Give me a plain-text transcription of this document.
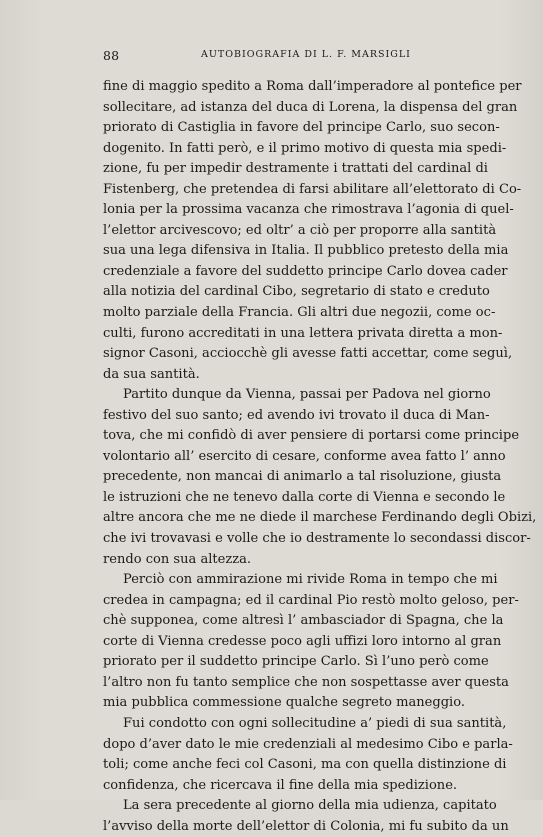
88	AUTOBIOGRAFIA DI L. F. MARSIGLI
fine di maggio spedito a Roma dall’imperadore al pontefice per
sollecitare, ad istanza del duca di Lorena, la dispensa del gran
priorato di Castiglia in favore del principe Carlo, suo secon-
dogenito. In fatti però, e il primo motivo di questa mia spedi-
zione, fu per impedir destramente i trattati del cardinal di
Fistenberg, che pretendea di farsi abilitare all’elettorato di Co-
lonia per la prossima vacanza che rimostrava l’agonia di quel-
l’elettor arcivescovo; ed oltr’ a ciò per proporre alla santità
sua una lega difensiva in Italia. Il pubblico pretesto della mia
credenziale a favore del suddetto principe Carlo dovea cader
alla notizia del cardinal Cibo, segretario di stato e creduto
molto parziale della Francia. Gli altri due negozii, come oc-
culti, furono accreditati in una lettera privata diretta a mon-
signor Casoni, acciocchè gli avesse fatti accettar, come seguì,
da sua santità.
Partito dunque da Vienna, passai per Padova nel giorno
festivo del suo santo; ed avendo ivi trovato il duca di Man-
tova, che mi confidò di aver pensiere di portarsi come principe
volontario all’ esercito di cesare, conforme avea fatto l’ anno
precedente, non mancai di animarlo a tal risoluzione, giusta
le istruzioni che ne tenevo dalla corte di Vienna e secondo le
altre ancora che me ne diede il marchese Ferdinando degli Obizi,
che ivi trovavasi e volle che io destramente lo secondassi discor-
rendo con sua altezza.
Perciò con ammirazione mi rivide Roma in tempo che mi
credea in campagna; ed il cardinal Pio restò molto geloso, per-
chè supponea, come altresì l’ ambasciador di Spagna, che la
corte di Vienna credesse poco agli uffizi loro intorno al gran
priorato per il suddetto principe Carlo. Sì l’uno però come
l’altro non fu tanto semplice che non sospettasse aver questa
mia pubblica commessione qualche segreto maneggio.
Fui condotto con ogni sollecitudine a’ piedi di sua santità,
dopo d’aver dato le mie credenziali al medesimo Cibo e parla-
toli; come anche feci col Casoni, ma con quella distinzione di
confidenza, che ricercava il fine della mia spedizione.
La sera precedente al giorno della mia udienza, capitato
l’avviso della morte dell’elettor di Colonia, mi fu subito da un
